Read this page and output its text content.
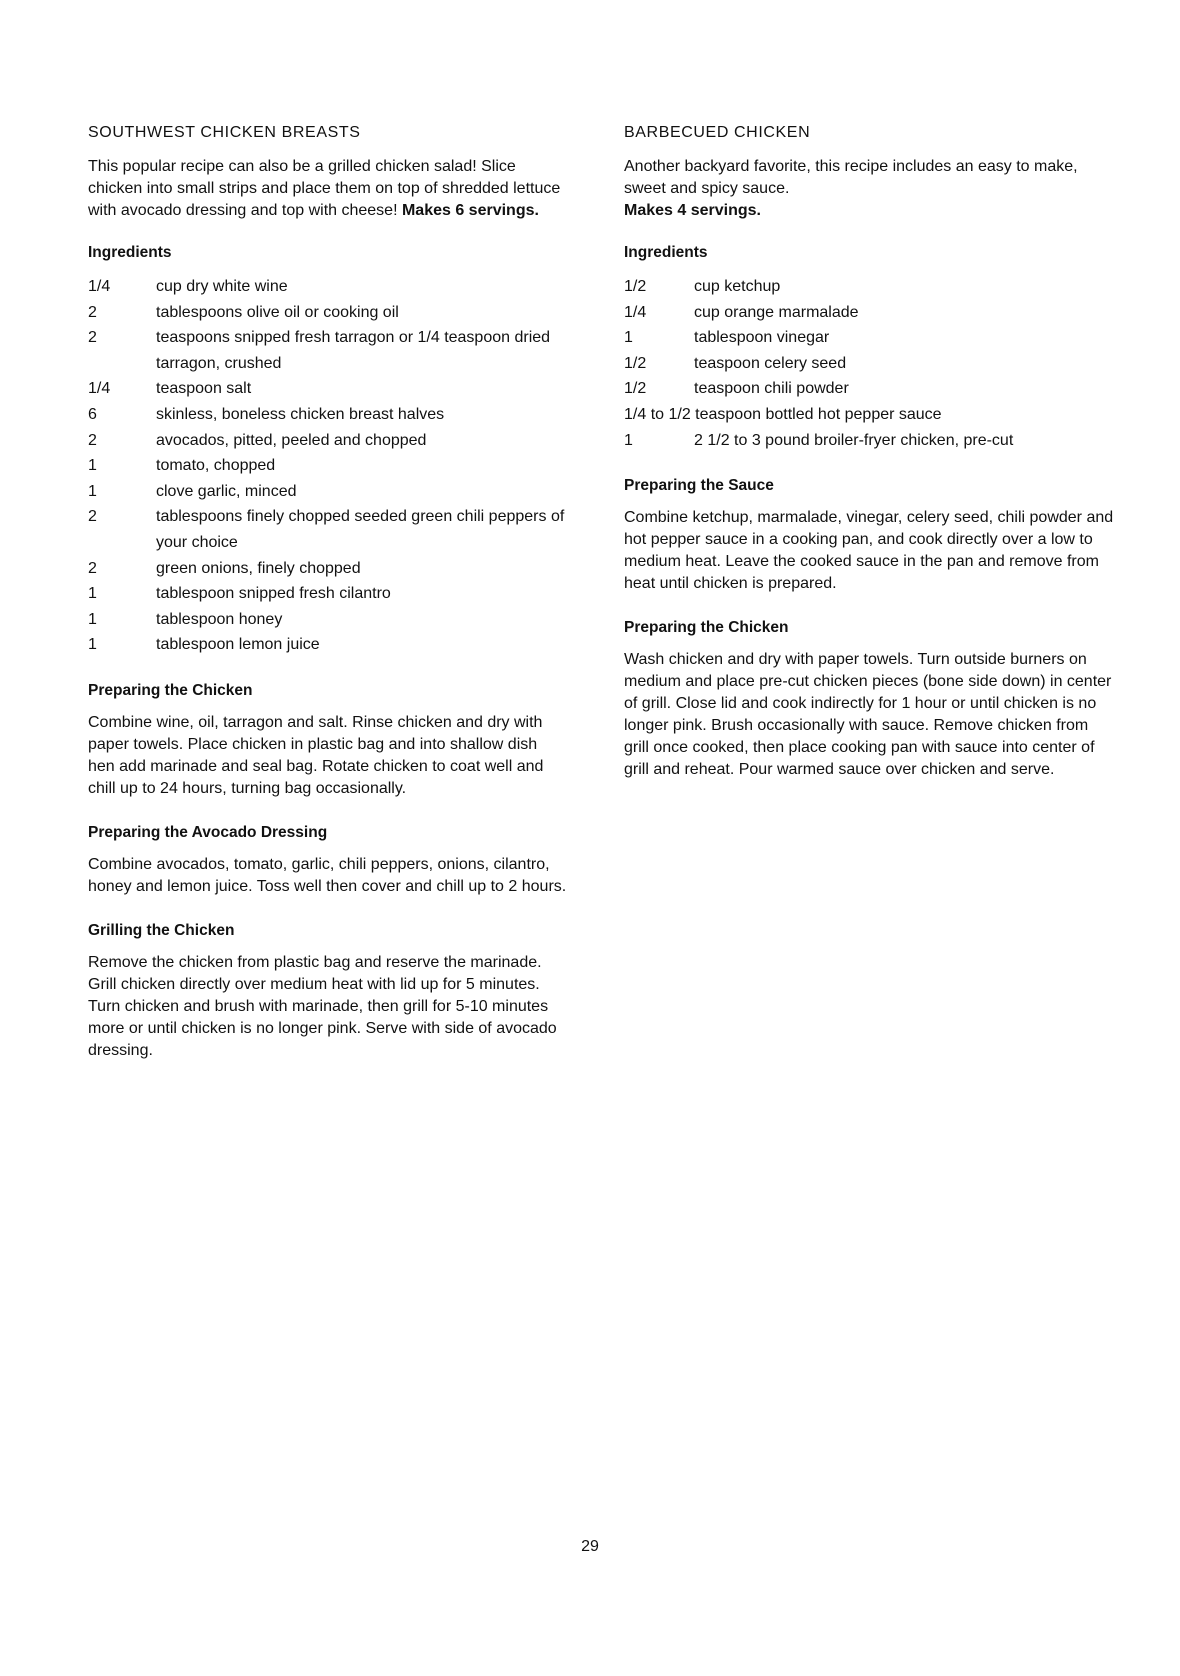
SOUTHWEST CHICKEN BREASTS

This popular recipe can also be a grilled chicken salad! Slice chicken into small strips and place them on top of shredded lettuce with avocado dressing and top with cheese! Makes 6 servings.

Ingredients
1/4	cup dry white wine
2	tablespoons olive oil or cooking oil
2	teaspoons snipped fresh tarragon or 1/4 teaspoon dried tarragon, crushed
1/4	teaspoon salt
6	skinless, boneless chicken breast halves
2	avocados, pitted, peeled and chopped
1	tomato, chopped
1	clove garlic, minced
2	tablespoons finely chopped seeded green chili peppers of your choice
2	green onions, finely chopped
1	tablespoon snipped fresh cilantro
1	tablespoon honey
1	tablespoon lemon juice
Preparing the Chicken

Combine wine, oil, tarragon and salt. Rinse chicken and dry with paper towels. Place chicken in plastic bag and into shallow dish hen add marinade and seal bag. Rotate chicken to coat well and chill up to 24 hours, turning bag occasionally.

Preparing the Avocado Dressing

Combine avocados, tomato, garlic, chili peppers, onions, cilantro, honey and lemon juice. Toss well then cover and chill up to 2 hours.

Grilling the Chicken

Remove the chicken from plastic bag and reserve the marinade. Grill chicken directly over medium heat with lid up for 5 minutes. Turn chicken and brush with marinade, then grill for 5-10 minutes more or until chicken is no longer pink. Serve with side of avocado dressing.

BARBECUED CHICKEN

Another backyard favorite, this recipe includes an easy to make, sweet and spicy sauce.

Makes 4 servings.

Ingredients
1/2	cup ketchup
1/4	cup orange marmalade
1	tablespoon vinegar
1/2	teaspoon celery seed
1/2	teaspoon chili powder
1/4 to 1/2 teaspoon bottled hot pepper sauce
1	2 1/2 to 3 pound broiler-fryer chicken, pre-cut
Preparing the Sauce

Combine ketchup, marmalade, vinegar, celery seed, chili powder and hot pepper sauce in a cooking pan, and cook directly over a low to medium heat. Leave the cooked sauce in the pan and remove from heat until chicken is prepared.

Preparing the Chicken

Wash chicken and dry with paper towels. Turn outside burners on medium and place pre-cut chicken pieces (bone side down) in center of grill. Close lid and cook indirectly for 1 hour or until chicken is no longer pink. Brush occasionally with sauce. Remove chicken from grill once cooked, then place cooking pan with sauce into center of grill and reheat. Pour warmed sauce over chicken and serve.

29
